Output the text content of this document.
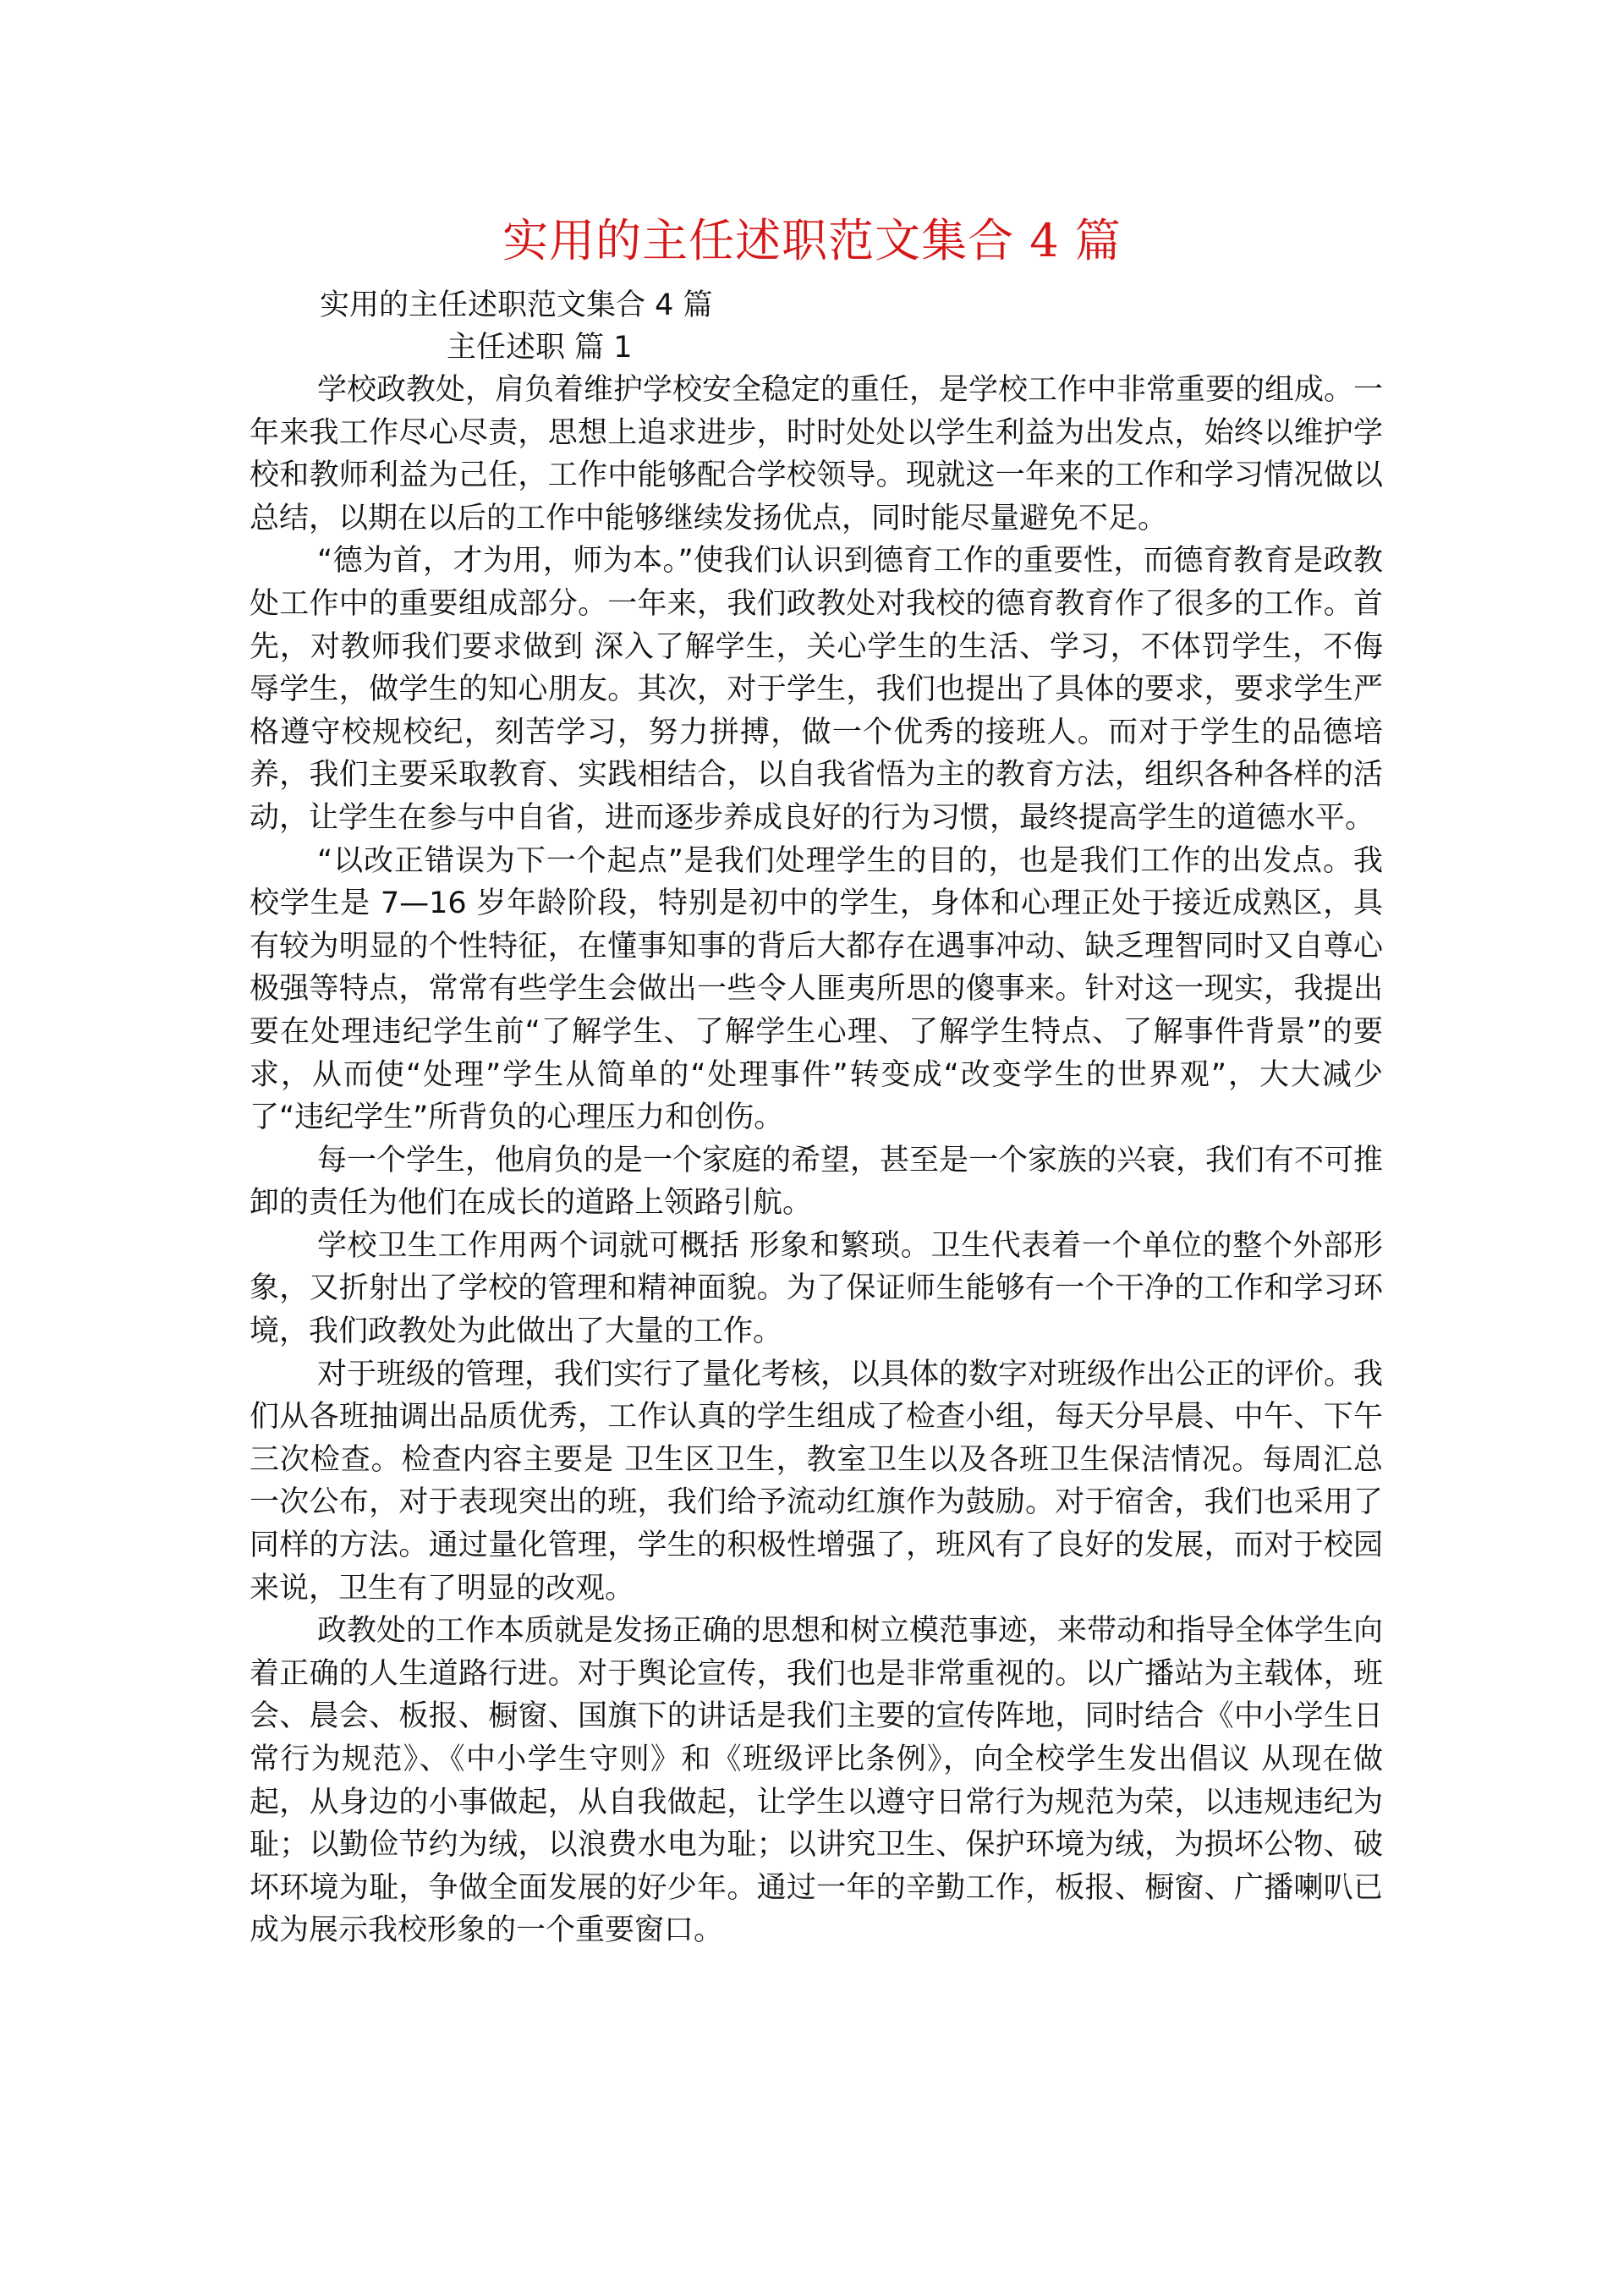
实用的主任述职范文集合 4 篇
实用的主任述职范文集合 4 篇
主任述职 篇 1

学校政教处，肩负着维护学校安全稳定的重任，是学校工作中非常重要的组成。一年来我工作尽心尽责，思想上追求进步，时时处处以学生利益为出发点，始终以维护学校和教师利益为己任，工作中能够配合学校领导。现就这一年来的工作和学习情况做以总结，以期在以后的工作中能够继续发扬优点，同时能尽量避免不足。

“德为首，才为用，师为本。”使我们认识到德育工作的重要性，而德育教育是政教处工作中的重要组成部分。一年来，我们政教处对我校的德育教育作了很多的工作。首先，对教师我们要求做到 深入了解学生，关心学生的生活、学习，不体罚学生，不侮辱学生，做学生的知心朋友。其次，对于学生，我们也提出了具体的要求，要求学生严格遵守校规校纪，刻苦学习，努力拼搏，做一个优秀的接班人。而对于学生的品德培养，我们主要采取教育、实践相结合，以自我省悟为主的教育方法，组织各种各样的活动，让学生在参与中自省，进而逐步养成良好的行为习惯，最终提高学生的道德水平。

“以改正错误为下一个起点”是我们处理学生的目的，也是我们工作的出发点。我校学生是 7—16 岁年龄阶段，特别是初中的学生，身体和心理正处于接近成熟区，具有较为明显的个性特征，在懂事知事的背后大都存在遇事冲动、缺乏理智同时又自尊心极强等特点，常常有些学生会做出一些令人匪夷所思的傻事来。针对这一现实，我提出要在处理违纪学生前“了解学生、了解学生心理、了解学生特点、了解事件背景”的要求，从而使“处理”学生从简单的“处理事件”转变成“改变学生的世界观”，大大减少了“违纪学生”所背负的心理压力和创伤。

每一个学生，他肩负的是一个家庭的希望，甚至是一个家族的兴衰，我们有不可推卸的责任为他们在成长的道路上领路引航。

学校卫生工作用两个词就可概括 形象和繁琐。卫生代表着一个单位的整个外部形象，又折射出了学校的管理和精神面貌。为了保证师生能够有一个干净的工作和学习环境，我们政教处为此做出了大量的工作。

对于班级的管理，我们实行了量化考核，以具体的数字对班级作出公正的评价。我们从各班抽调出品质优秀，工作认真的学生组成了检查小组，每天分早晨、中午、下午三次检查。检查内容主要是 卫生区卫生，教室卫生以及各班卫生保洁情况。每周汇总一次公布，对于表现突出的班，我们给予流动红旗作为鼓励。对于宿舍，我们也采用了同样的方法。通过量化管理，学生的积极性增强了，班风有了良好的发展，而对于校园来说，卫生有了明显的改观。

政教处的工作本质就是发扬正确的思想和树立模范事迹，来带动和指导全体学生向着正确的人生道路行进。对于舆论宣传，我们也是非常重视的。以广播站为主载体，班会、晨会、板报、橱窗、国旗下的讲话是我们主要的宣传阵地，同时结合《中小学生日常行为规范》、《中小学生守则》和《班级评比条例》，向全校学生发出倡议 从现在做起，从身边的小事做起，从自我做起，让学生以遵守日常行为规范为荣，以违规违纪为耻；以勤俭节约为绒，以浪费水电为耻；以讲究卫生、保护环境为绒，为损坏公物、破坏环境为耻，争做全面发展的好少年。通过一年的辛勤工作，板报、橱窗、广播喇叭已成为展示我校形象的一个重要窗口。
